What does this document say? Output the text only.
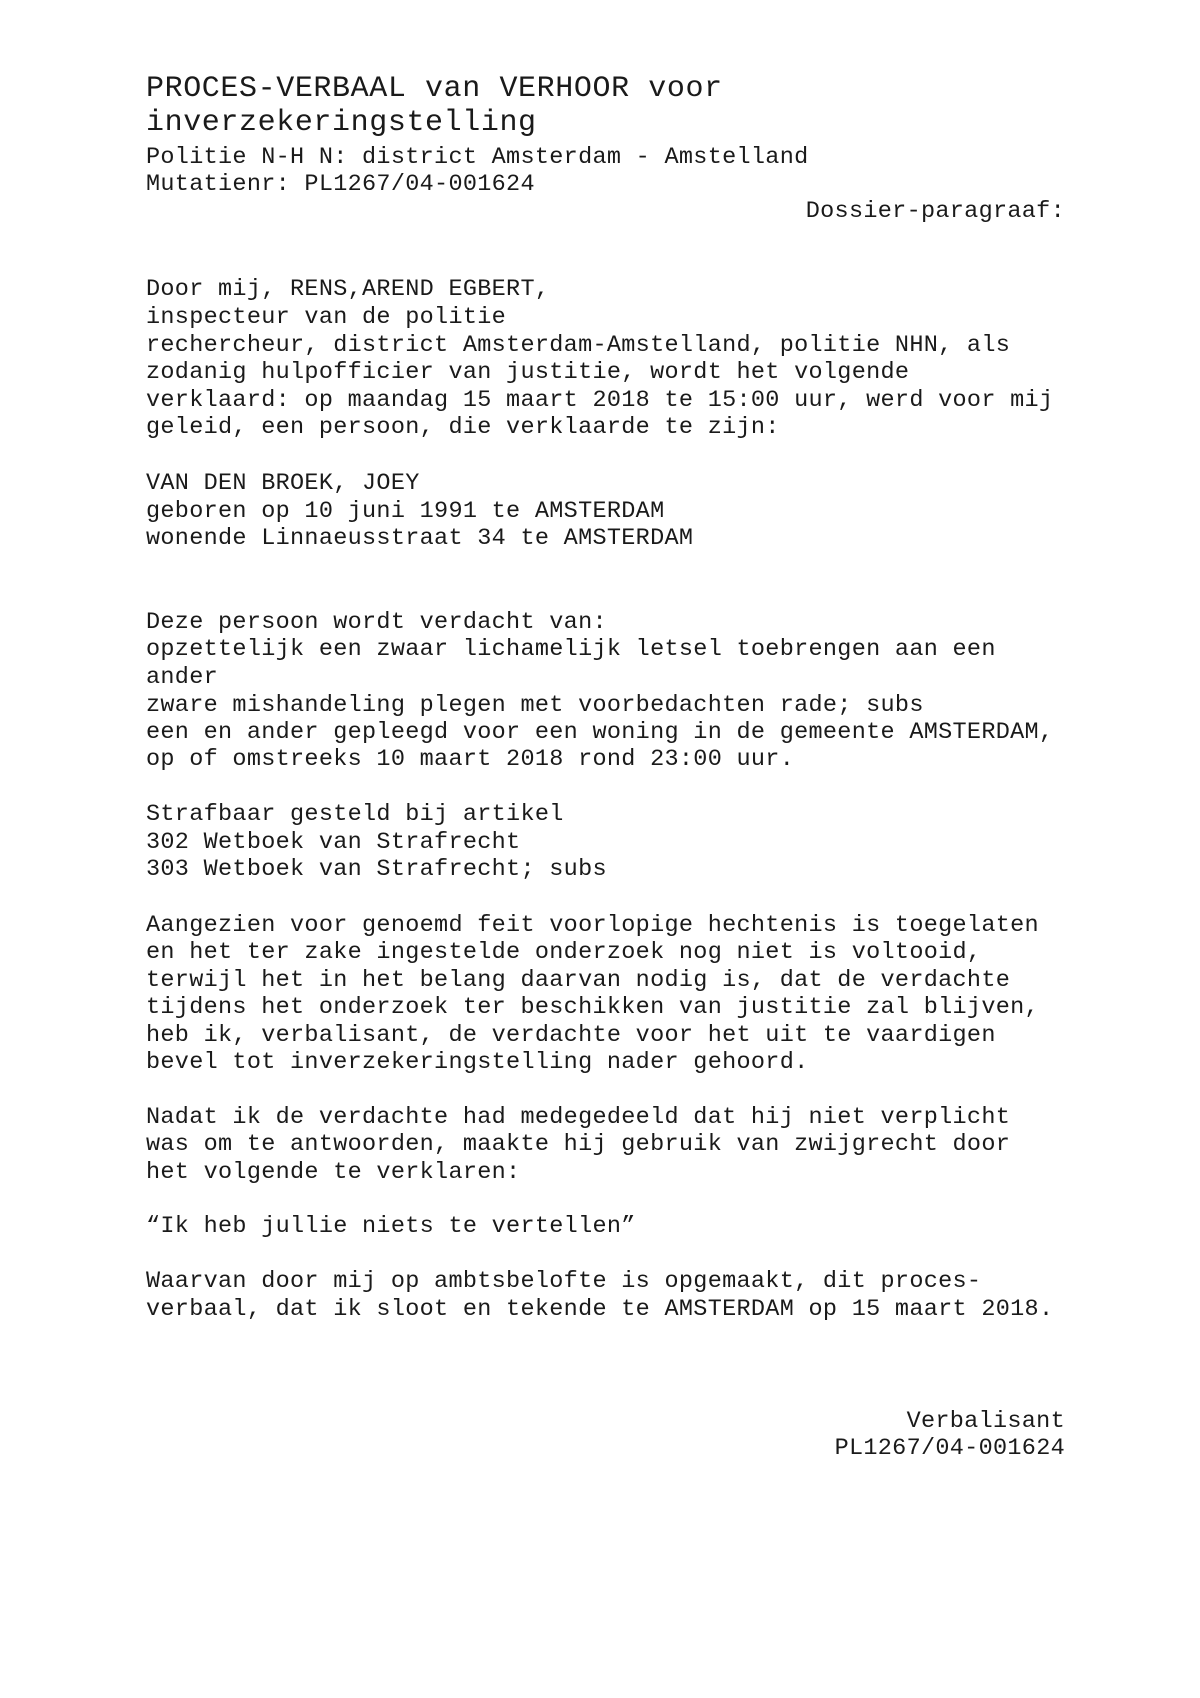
PROCES-VERBAAL van VERHOOR voor
inverzekeringstelling
Politie N-H N: district Amsterdam - Amstelland
Mutatienr: PL1267/04-001624
Dossier-paragraaf:
Door mij, RENS,AREND EGBERT,
inspecteur van de politie
rechercheur, district Amsterdam-Amstelland, politie NHN, als
zodanig hulpofficier van justitie, wordt het volgende
verklaard: op maandag 15 maart 2018 te 15:00 uur, werd voor mij
geleid, een persoon, die verklaarde te zijn:
VAN DEN BROEK, JOEY
geboren op 10 juni 1991 te AMSTERDAM
wonende Linnaeusstraat 34 te AMSTERDAM
Deze persoon wordt verdacht van:
opzettelijk een zwaar lichamelijk letsel toebrengen aan een
ander
zware mishandeling plegen met voorbedachten rade; subs
een en ander gepleegd voor een woning in de gemeente AMSTERDAM,
op of omstreeks 10 maart 2018 rond 23:00 uur.
Strafbaar gesteld bij artikel
302 Wetboek van Strafrecht
303 Wetboek van Strafrecht; subs
Aangezien voor genoemd feit voorlopige hechtenis is toegelaten
en het ter zake ingestelde onderzoek nog niet is voltooid,
terwijl het in het belang daarvan nodig is, dat de verdachte
tijdens het onderzoek ter beschikken van justitie zal blijven,
heb ik, verbalisant, de verdachte voor het uit te vaardigen
bevel tot inverzekeringstelling nader gehoord.
Nadat ik de verdachte had medegedeeld dat hij niet verplicht
was om te antwoorden, maakte hij gebruik van zwijgrecht door
het volgende te verklaren:
“Ik heb jullie niets te vertellen”
Waarvan door mij op ambtsbelofte is opgemaakt, dit proces-
verbaal, dat ik sloot en tekende te AMSTERDAM op 15 maart 2018.
Verbalisant
PL1267/04-001624
